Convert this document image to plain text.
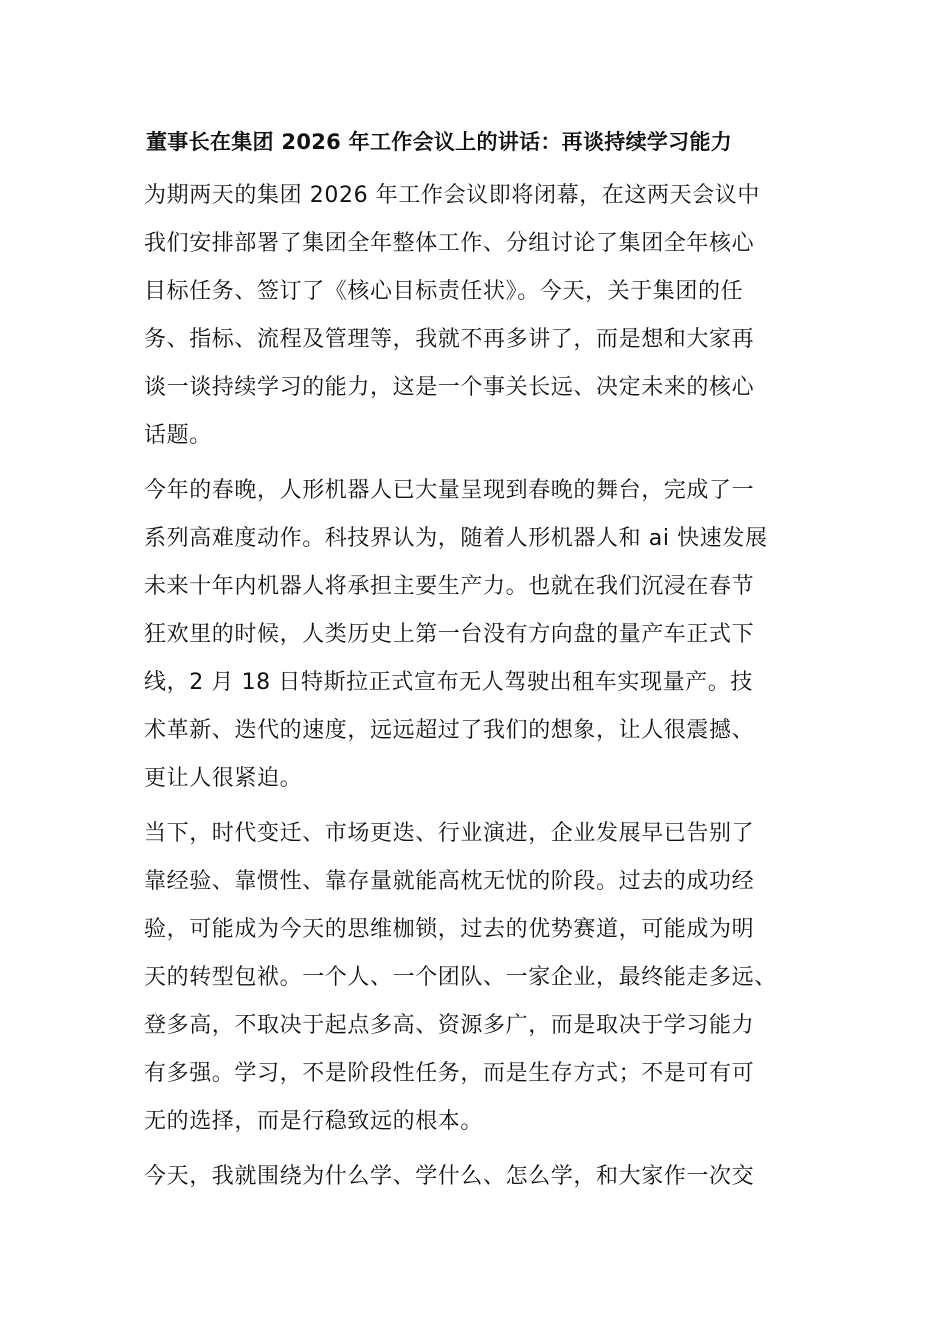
董事长在集团 2026 年工作会议上的讲话：再谈持续学习能力
为期两天的集团 2026 年工作会议即将闭幕，在这两天会议中
我们安排部署了集团全年整体工作、分组讨论了集团全年核心
目标任务、签订了《核心目标责任状》。今天，关于集团的任
务、指标、流程及管理等，我就不再多讲了，而是想和大家再
谈一谈持续学习的能力，这是一个事关长远、决定未来的核心
话题。
今年的春晚，人形机器人已大量呈现到春晚的舞台，完成了一
系列高难度动作。科技界认为，随着人形机器人和 ai 快速发展
未来十年内机器人将承担主要生产力。也就在我们沉浸在春节
狂欢里的时候，人类历史上第一台没有方向盘的量产车正式下
线，2 月 18 日特斯拉正式宣布无人驾驶出租车实现量产。技
术革新、迭代的速度，远远超过了我们的想象，让人很震撼、
更让人很紧迫。
当下，时代变迁、市场更迭、行业演进，企业发展早已告别了
靠经验、靠惯性、靠存量就能高枕无忧的阶段。过去的成功经
验，可能成为今天的思维枷锁，过去的优势赛道，可能成为明
天的转型包袱。一个人、一个团队、一家企业，最终能走多远、
登多高，不取决于起点多高、资源多广，而是取决于学习能力
有多强。学习，不是阶段性任务，而是生存方式；不是可有可
无的选择，而是行稳致远的根本。
今天，我就围绕为什么学、学什么、怎么学，和大家作一次交
